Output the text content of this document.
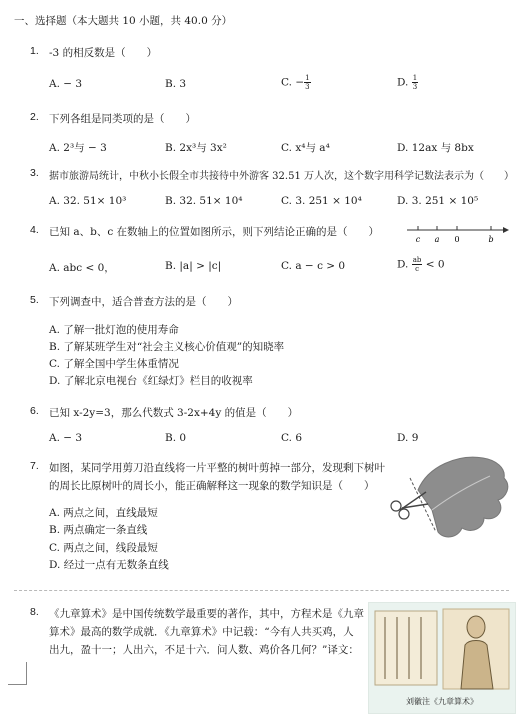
一、选择题（本大题共 10 小题，共 40.0 分）
1. -3 的相反数是（　　）
A. − 3	B. 3	C. − $\frac{1}{3}$	D. $\frac{1}{3}$
2. 下列各组是同类项的是（　　）
A. 2³与 − 3	B. 2x³与 3x²	C. x⁴与 a⁴	D. 12ax 与 8bx
3. 据市旅游局统计，中秋小长假全市共接待中外游客 32.51 万人次，这个数字用科学记数法表示为（　　）
A. 32. 51× 10³	B. 32. 51× 10⁴	C. 3. 251 × 10⁴	D. 3. 251 × 10⁵
4. 已知 a、b、c 在数轴上的位置如图所示，则下列结论正确的是（　　）
c a 0	b
A. abc < 0，	B. |a| > |c|	C. a − c > 0	D. $\frac{ab}{c} < 0$
5. 下列调查中，适合普查方法的是（　　）
A. 了解一批灯泡的使用寿命
B. 了解某班学生对“社会主义核心价值观”的知晓率
C. 了解全国中学生体重情况
D. 了解北京电视台《红绿灯》栏目的收视率
6. 已知 x-2y=3，那么代数式 3-2x+4y 的值是（　　）
A. − 3	B. 0	C. 6	D. 9
7. 如图，某同学用剪刀沿直线将一片平整的树叶剪掉一部分，发现剩下树叶
的周长比原树叶的周长小，能正确解释这一现象的数学知识是（　　）
A. 两点之间，直线最短
B. 两点确定一条直线
C. 两点之间，线段最短
D. 经过一点有无数条直线
8. 《九章算术》是中国传统数学最重要的著作，其中，方程术是《九章
算术》最高的数学成就．《九章算术》中记载：“今有人共买鸡，人
出九，盈十一；人出六，不足十六．问人数、鸡价各几何？”译文：
刘徽注《九章算术》
